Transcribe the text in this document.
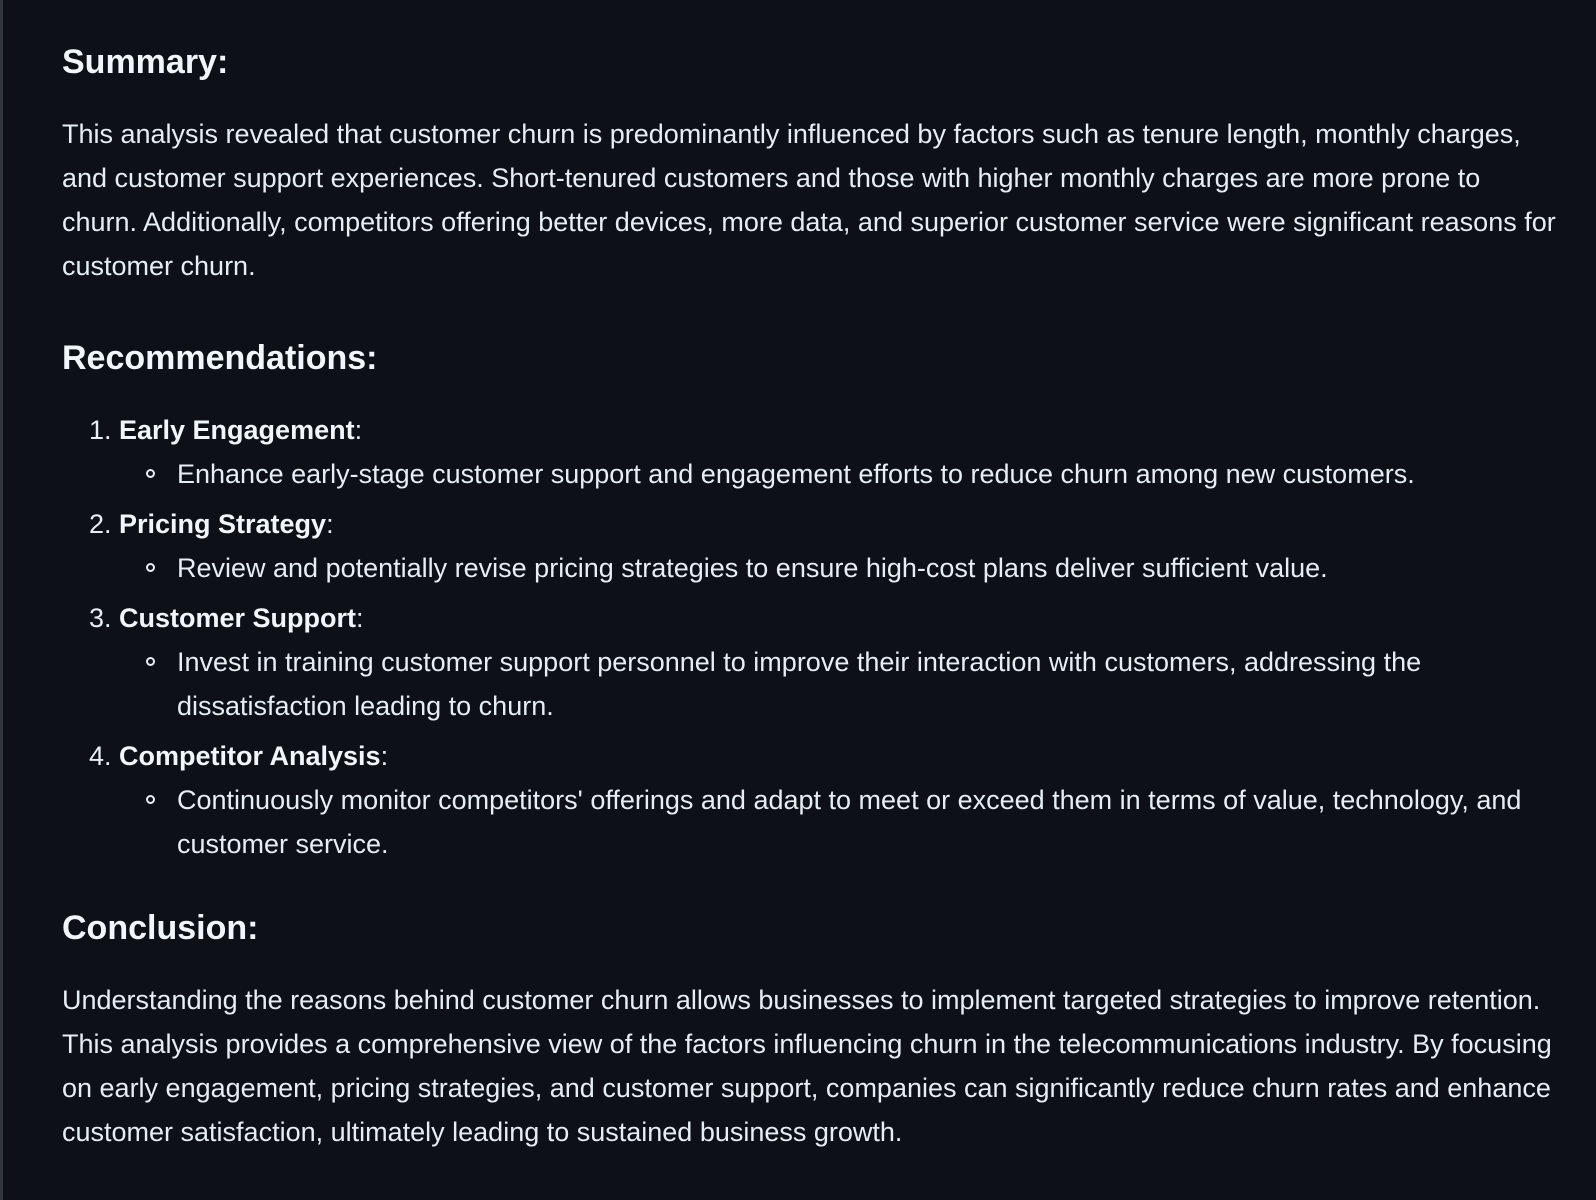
Summary:

This analysis revealed that customer churn is predominantly influenced by factors such as tenure length, monthly charges, and customer support experiences. Short-tenured customers and those with higher monthly charges are more prone to churn. Additionally, competitors offering better devices, more data, and superior customer service were significant reasons for customer churn.

Recommendations:
1. Early Engagement:
Enhance early-stage customer support and engagement efforts to reduce churn among new customers.
2. Pricing Strategy:
Review and potentially revise pricing strategies to ensure high-cost plans deliver sufficient value.
3. Customer Support:
Invest in training customer support personnel to improve their interaction with customers, addressing the dissatisfaction leading to churn.
4. Competitor Analysis:
Continuously monitor competitors' offerings and adapt to meet or exceed them in terms of value, technology, and customer service.
Conclusion:

Understanding the reasons behind customer churn allows businesses to implement targeted strategies to improve retention. This analysis provides a comprehensive view of the factors influencing churn in the telecommunications industry. By focusing on early engagement, pricing strategies, and customer support, companies can significantly reduce churn rates and enhance customer satisfaction, ultimately leading to sustained business growth.
